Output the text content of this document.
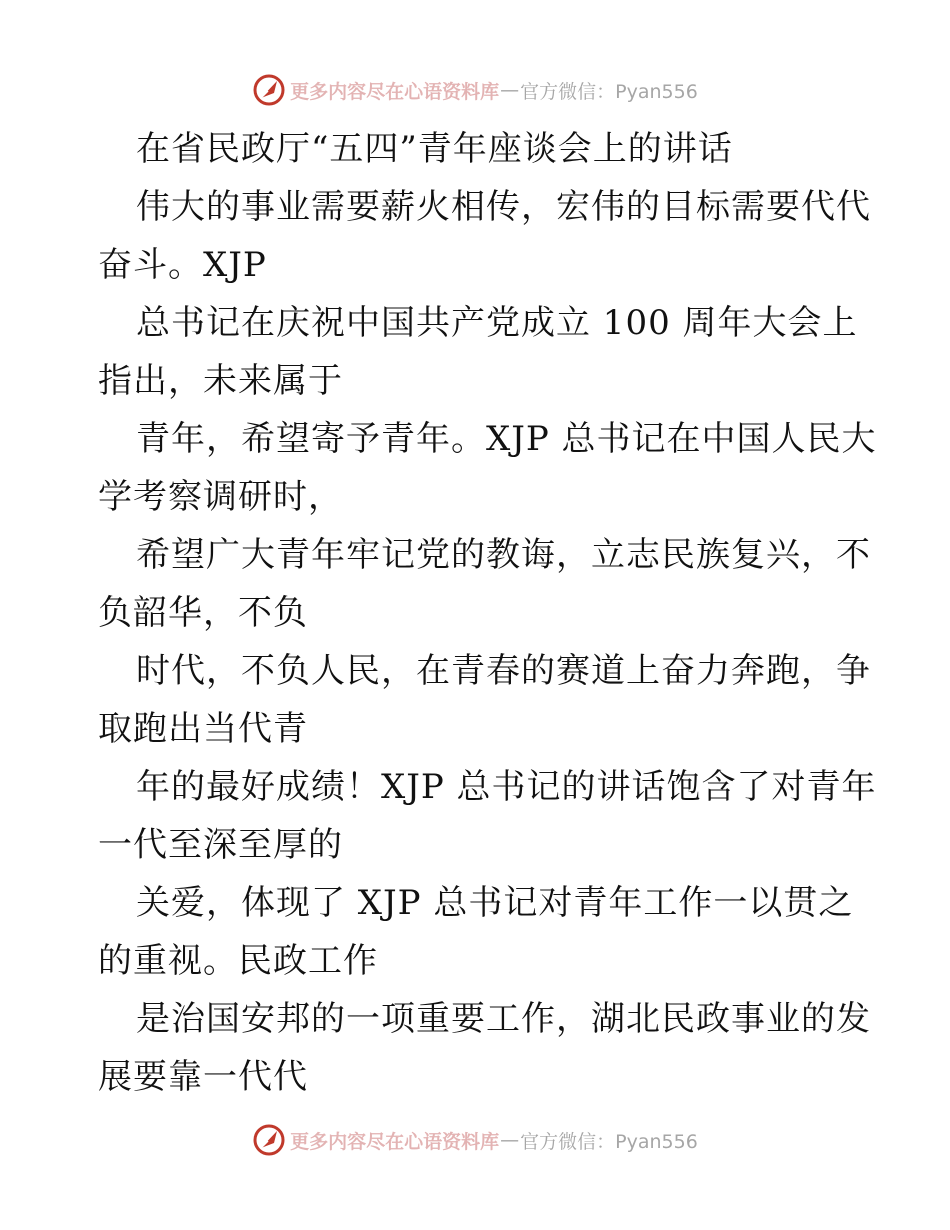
更多内容尽在心语资料库 — 官方微信：Pyan556
在省民政厅“五四”青年座谈会上的讲话
伟大的事业需要薪火相传，宏伟的目标需要代代
奋斗。XJP
总书记在庆祝中国共产党成立 100 周年大会上
指出，未来属于
青年，希望寄予青年。XJP 总书记在中国人民大
学考察调研时，
希望广大青年牢记党的教诲，立志民族复兴，不
负韶华，不负
时代，不负人民，在青春的赛道上奋力奔跑，争
取跑出当代青
年的最好成绩！XJP 总书记的讲话饱含了对青年
一代至深至厚的
关爱，体现了 XJP 总书记对青年工作一以贯之
的重视。民政工作
是治国安邦的一项重要工作，湖北民政事业的发
展要靠一代代
更多内容尽在心语资料库 — 官方微信：Pyan556
